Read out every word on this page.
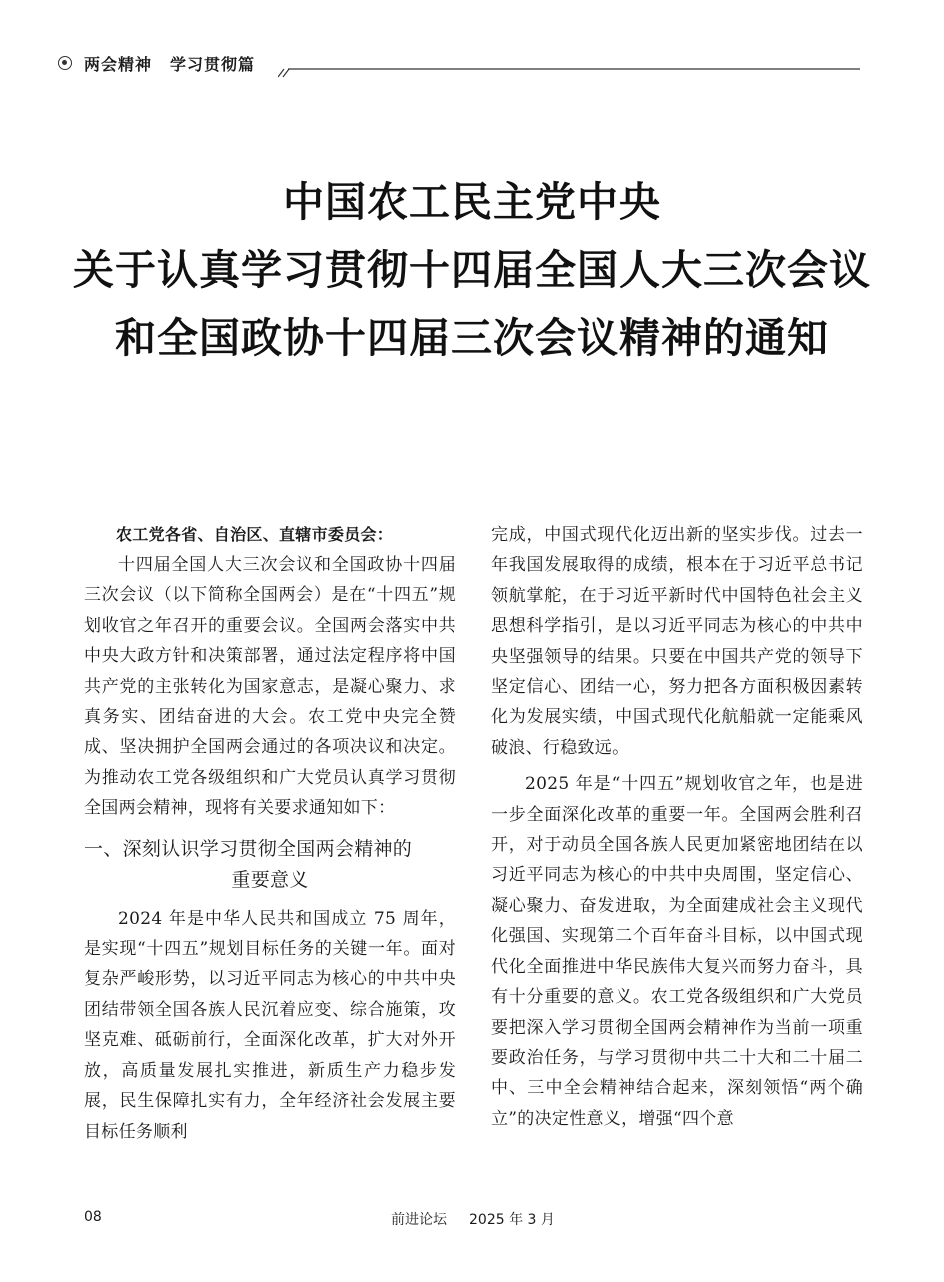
两会精神 学习贯彻篇
中国农工民主党中央
关于认真学习贯彻十四届全国人大三次会议
和全国政协十四届三次会议精神的通知

农工党各省、自治区、直辖市委员会：

十四届全国人大三次会议和全国政协十四届三次会议（以下简称全国两会）是在“十四五”规划收官之年召开的重要会议。全国两会落实中共中央大政方针和决策部署，通过法定程序将中国共产党的主张转化为国家意志，是凝心聚力、求真务实、团结奋进的大会。农工党中央完全赞成、坚决拥护全国两会通过的各项决议和决定。为推动农工党各级组织和广大党员认真学习贯彻全国两会精神，现将有关要求通知如下：

一、深刻认识学习贯彻全国两会精神的
重要意义

2024 年是中华人民共和国成立 75 周年，是实现“十四五”规划目标任务的关键一年。面对复杂严峻形势，以习近平同志为核心的中共中央团结带领全国各族人民沉着应变、综合施策，攻坚克难、砥砺前行，全面深化改革，扩大对外开放，高质量发展扎实推进，新质生产力稳步发展，民生保障扎实有力，全年经济社会发展主要目标任务顺利

完成，中国式现代化迈出新的坚实步伐。过去一年我国发展取得的成绩，根本在于习近平总书记领航掌舵，在于习近平新时代中国特色社会主义思想科学指引，是以习近平同志为核心的中共中央坚强领导的结果。只要在中国共产党的领导下坚定信心、团结一心，努力把各方面积极因素转化为发展实绩，中国式现代化航船就一定能乘风破浪、行稳致远。

2025 年是“十四五”规划收官之年，也是进一步全面深化改革的重要一年。全国两会胜利召开，对于动员全国各族人民更加紧密地团结在以习近平同志为核心的中共中央周围，坚定信心、凝心聚力、奋发进取，为全面建成社会主义现代化强国、实现第二个百年奋斗目标，以中国式现代化全面推进中华民族伟大复兴而努力奋斗，具有十分重要的意义。农工党各级组织和广大党员要把深入学习贯彻全国两会精神作为当前一项重要政治任务，与学习贯彻中共二十大和二十届二中、三中全会精神结合起来，深刻领悟“两个确立”的决定性意义，增强“四个意

08	前进论坛 2025 年 3 月
